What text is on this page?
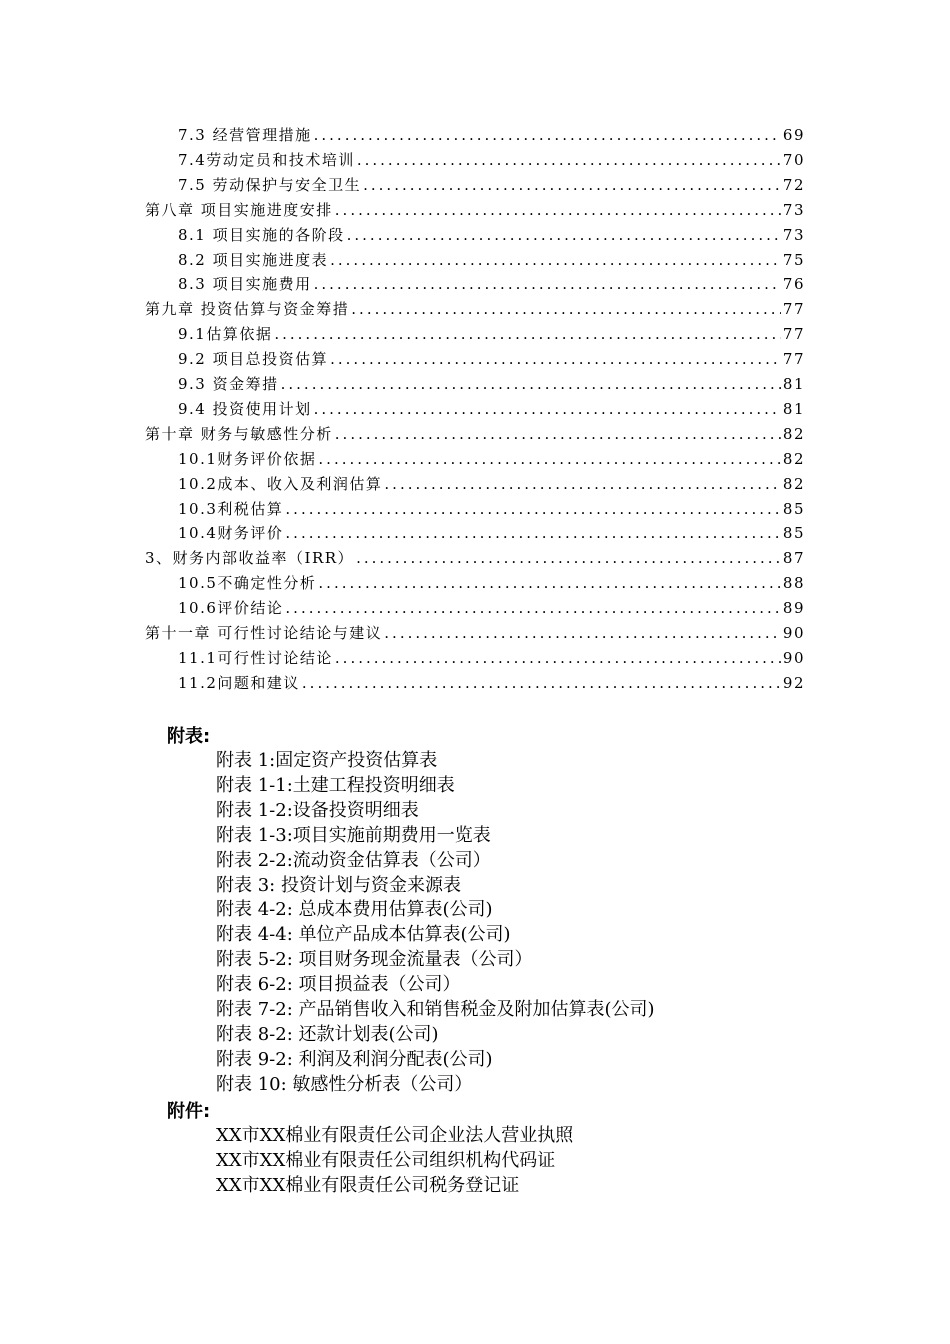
7.3 经营管理措施 .....	69
7.4劳动定员和技术培训 .....	70
7.5 劳动保护与安全卫生 .....	72
第八章 项目实施进度安排 .....	73
8.1 项目实施的各阶段 .....	73
8.2 项目实施进度表 .....	75
8.3 项目实施费用 .....	76
第九章 投资估算与资金筹措 .....	77
9.1估算依据 .....	77
9.2 项目总投资估算 .....	77
9.3 资金筹措 .....	81
9.4 投资使用计划 .....	81
第十章 财务与敏感性分析 .....	82
10.1财务评价依据 .....	82
10.2成本、收入及利润估算 .....	82
10.3利税估算 .....	85
10.4财务评价 .....	85
3、财务内部收益率（IRR） .....	87
10.5不确定性分析 .....	88
10.6评价结论 .....	89
第十一章 可行性讨论结论与建议 .....	90
11.1可行性讨论结论 .....	90
11.2问题和建议 .....	92
附表:
附表 1:固定资产投资估算表
附表 1-1:土建工程投资明细表
附表 1-2:设备投资明细表
附表 1-3:项目实施前期费用一览表
附表 2-2:流动资金估算表（公司）
附表 3: 投资计划与资金来源表
附表 4-2: 总成本费用估算表(公司)
附表 4-4: 单位产品成本估算表(公司)
附表 5-2: 项目财务现金流量表（公司）
附表 6-2: 项目损益表（公司）
附表 7-2: 产品销售收入和销售税金及附加估算表(公司)
附表 8-2: 还款计划表(公司)
附表 9-2: 利润及利润分配表(公司)
附表 10: 敏感性分析表（公司）
附件:
XX市XX棉业有限责任公司企业法人营业执照
XX市XX棉业有限责任公司组织机构代码证
XX市XX棉业有限责任公司税务登记证
